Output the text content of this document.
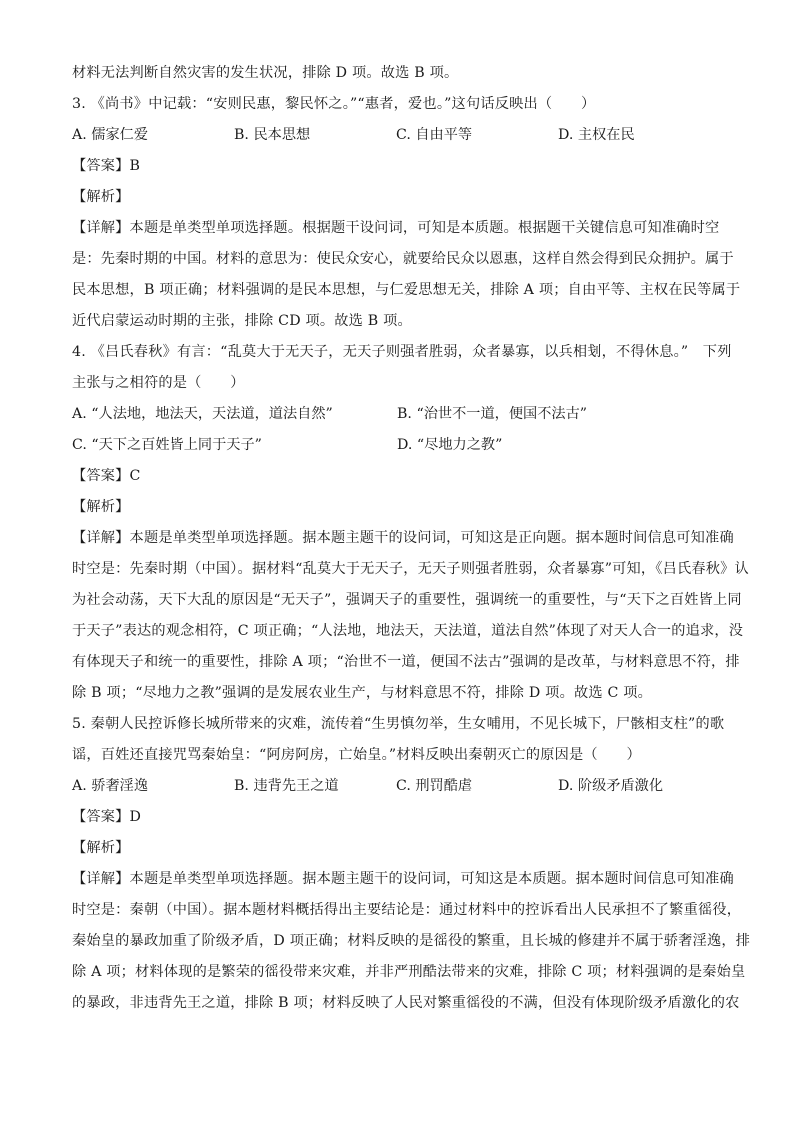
材料无法判断自然灾害的发生状况，排除 D 项。故选 B 项。
3. 《尚书》中记载：“安则民惠，黎民怀之。”“惠者，爱也。”这句话反映出（　　）
A. 儒家仁爱	B. 民本思想	C. 自由平等	D. 主权在民
【答案】B
【解析】
【详解】本题是单类型单项选择题。根据题干设问词，可知是本质题。根据题干关键信息可知准确时空
是：先秦时期的中国。材料的意思为：使民众安心，就要给民众以恩惠，这样自然会得到民众拥护。属于
民本思想，B 项正确；材料强调的是民本思想，与仁爱思想无关，排除 A 项；自由平等、主权在民等属于
近代启蒙运动时期的主张，排除 CD 项。故选 B 项。
4. 《吕氏春秋》有言：“乱莫大于无天子，无天子则强者胜弱，众者暴寡，以兵相刬，不得休息。”　下列
主张与之相符的是（　　）
A. “人法地，地法天，天法道，道法自然”	B. “治世不一道，便国不法古”
C. “天下之百姓皆上同于天子”	D. “尽地力之教”
【答案】C
【解析】
【详解】本题是单类型单项选择题。据本题主题干的设问词，可知这是正向题。据本题时间信息可知准确
时空是：先秦时期（中国）。据材料“乱莫大于无天子，无天子则强者胜弱，众者暴寡”可知，《吕氏春秋》认
为社会动荡，天下大乱的原因是“无天子”，强调天子的重要性，强调统一的重要性，与“天下之百姓皆上同
于天子”表达的观念相符，C 项正确；“人法地，地法天，天法道，道法自然”体现了对天人合一的追求，没
有体现天子和统一的重要性，排除 A 项；“治世不一道，便国不法古”强调的是改革，与材料意思不符，排
除 B 项；“尽地力之教”强调的是发展农业生产，与材料意思不符，排除 D 项。故选 C 项。
5. 秦朝人民控诉修长城所带来的灾难，流传着“生男慎勿举，生女哺用，不见长城下，尸骸相支柱”的歌
谣，百姓还直接咒骂秦始皇：“阿房阿房，亡始皇。”材料反映出秦朝灭亡的原因是（　　）
A. 骄奢淫逸	B. 违背先王之道	C. 刑罚酷虐	D. 阶级矛盾激化
【答案】D
【解析】
【详解】本题是单类型单项选择题。据本题主题干的设问词，可知这是本质题。据本题时间信息可知准确
时空是：秦朝（中国）。据本题材料概括得出主要结论是：通过材料中的控诉看出人民承担不了繁重徭役，
秦始皇的暴政加重了阶级矛盾，D 项正确；材料反映的是徭役的繁重，且长城的修建并不属于骄奢淫逸，排
除 A 项；材料体现的是繁荣的徭役带来灾难，并非严刑酷法带来的灾难，排除 C 项；材料强调的是秦始皇
的暴政，非违背先王之道，排除 B 项；材料反映了人民对繁重徭役的不满，但没有体现阶级矛盾激化的农
